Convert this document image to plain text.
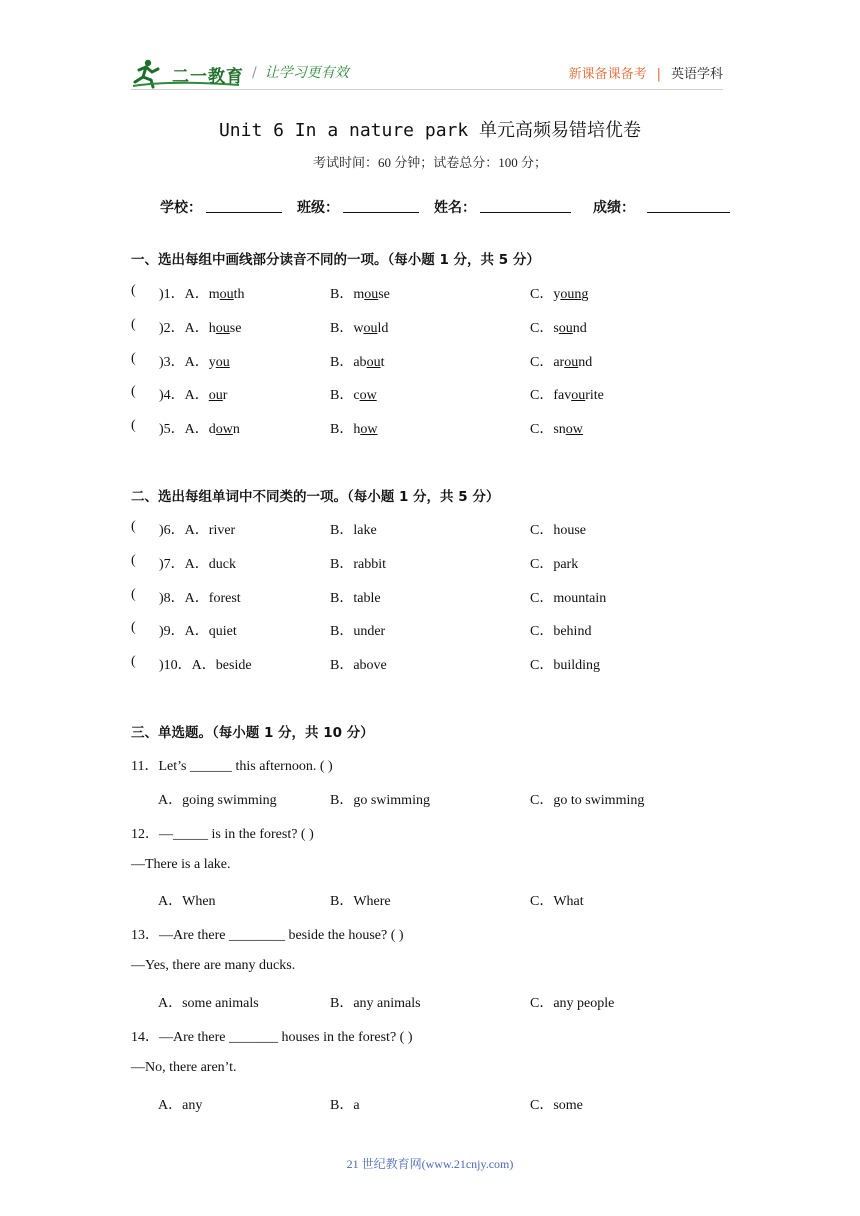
二一教育 / 让学习更有效	新课备课备考 | 英语学科
Unit 6 In a nature park 单元高频易错培优卷
考试时间：60 分钟；试卷总分：100 分；
学校：	班级：	姓名：	成绩：
一、选出每组中画线部分读音不同的一项。（每小题 1 分，共 5 分）
( )1．A．mouth	B．mouse	C．young
( )2．A．house	B．would	C．sound
( )3．A．you	B．about	C．around
( )4．A．our	B．cow	C．favourite
( )5．A．down	B．how	C．snow
二、选出每组单词中不同类的一项。（每小题 1 分，共 5 分）
( )6．A．river	B．lake	C．house
( )7．A．duck	B．rabbit	C．park
( )8．A．forest	B．table	C．mountain
( )9．A．quiet	B．under	C．behind
( )10．A．beside	B．above	C．building
三、单选题。（每小题 1 分，共 10 分）
11．Let’s ______ this afternoon. ( )
A．going swimming	B．go swimming	C．go to swimming
12．—_____ is in the forest? ( )
—There is a lake.
A．When	B．Where	C．What
13．—Are there ________ beside the house? ( )
—Yes, there are many ducks.
A．some animals	B．any animals	C．any people
14．—Are there _______ houses in the forest? ( )
—No, there aren’t.
A．any	B．a	C．some
21 世纪教育网(www.21cnjy.com)
